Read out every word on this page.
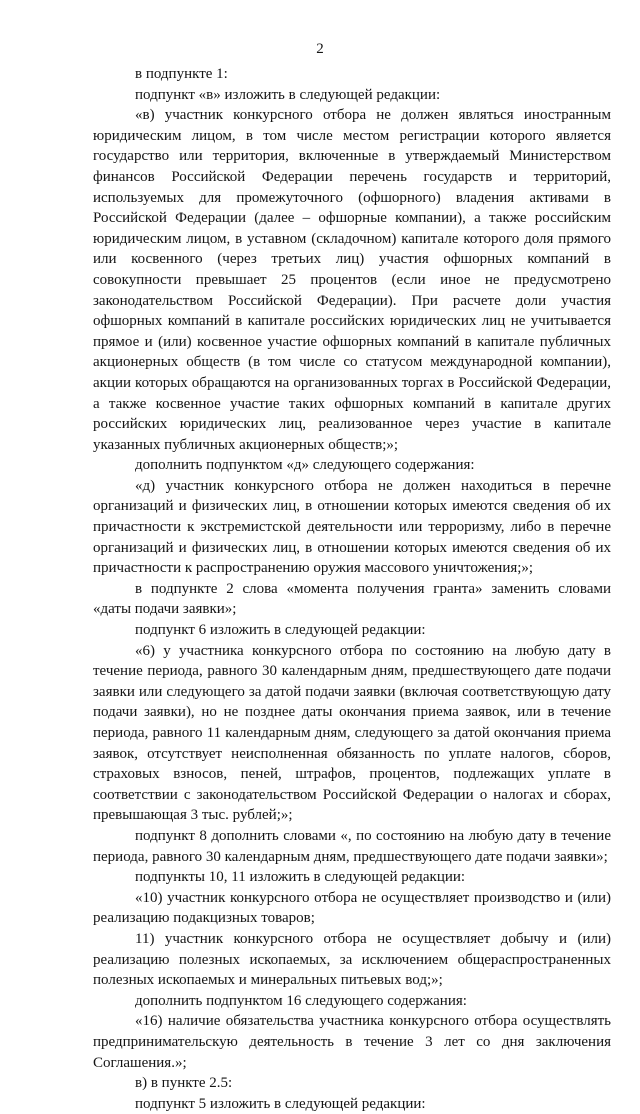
2

в подпункте 1:

подпункт «в» изложить в следующей редакции:

«в) участник конкурсного отбора не должен являться иностранным юридическим лицом, в том числе местом регистрации которого является государство или территория, включенные в утверждаемый Министерством финансов Российской Федерации перечень государств и территорий, используемых для промежуточного (офшорного) владения активами в Российской Федерации (далее – офшорные компании), а также российским юридическим лицом, в уставном (складочном) капитале которого доля прямого или косвенного (через третьих лиц) участия офшорных компаний в совокупности превышает 25 процентов (если иное не предусмотрено законодательством Российской Федерации). При расчете доли участия офшорных компаний в капитале российских юридических лиц не учитывается прямое и (или) косвенное участие офшорных компаний в капитале публичных акционерных обществ (в том числе со статусом международной компании), акции которых обращаются на организованных торгах в Российской Федерации, а также косвенное участие таких офшорных компаний в капитале других российских юридических лиц, реализованное через участие в капитале указанных публичных акционерных обществ;»;

дополнить подпунктом «д» следующего содержания:

«д) участник конкурсного отбора не должен находиться в перечне организаций и физических лиц, в отношении которых имеются сведения об их причастности к экстремистской деятельности или терроризму, либо в перечне организаций и физических лиц, в отношении которых имеются сведения об их причастности к распространению оружия массового уничтожения;»;

в подпункте 2 слова «момента получения гранта» заменить словами «даты подачи заявки»;

подпункт 6 изложить в следующей редакции:

«6) у участника конкурсного отбора по состоянию на любую дату в течение периода, равного 30 календарным дням, предшествующего дате подачи заявки или следующего за датой подачи заявки (включая соответствующую дату подачи заявки), но не позднее даты окончания приема заявок, или в течение периода, равного 11 календарным дням, следующего за датой окончания приема заявок, отсутствует неисполненная обязанность по уплате налогов, сборов, страховых взносов, пеней, штрафов, процентов, подлежащих уплате в соответствии с законодательством Российской Федерации о налогах и сборах, превышающая 3 тыс. рублей;»;

подпункт 8 дополнить словами «, по состоянию на любую дату в течение периода, равного 30 календарным дням, предшествующего дате подачи заявки»;

подпункты 10, 11 изложить в следующей редакции:

«10) участник конкурсного отбора не осуществляет производство и (или) реализацию подакцизных товаров;

11) участник конкурсного отбора не осуществляет добычу и (или) реализацию полезных ископаемых, за исключением общераспространенных полезных ископаемых и минеральных питьевых вод;»;

дополнить подпунктом 16 следующего содержания:

«16) наличие обязательства участника конкурсного отбора осуществлять предпринимательскую деятельность в течение 3 лет со дня заключения Соглашения.»;

в) в пункте 2.5:

подпункт 5 изложить в следующей редакции:
